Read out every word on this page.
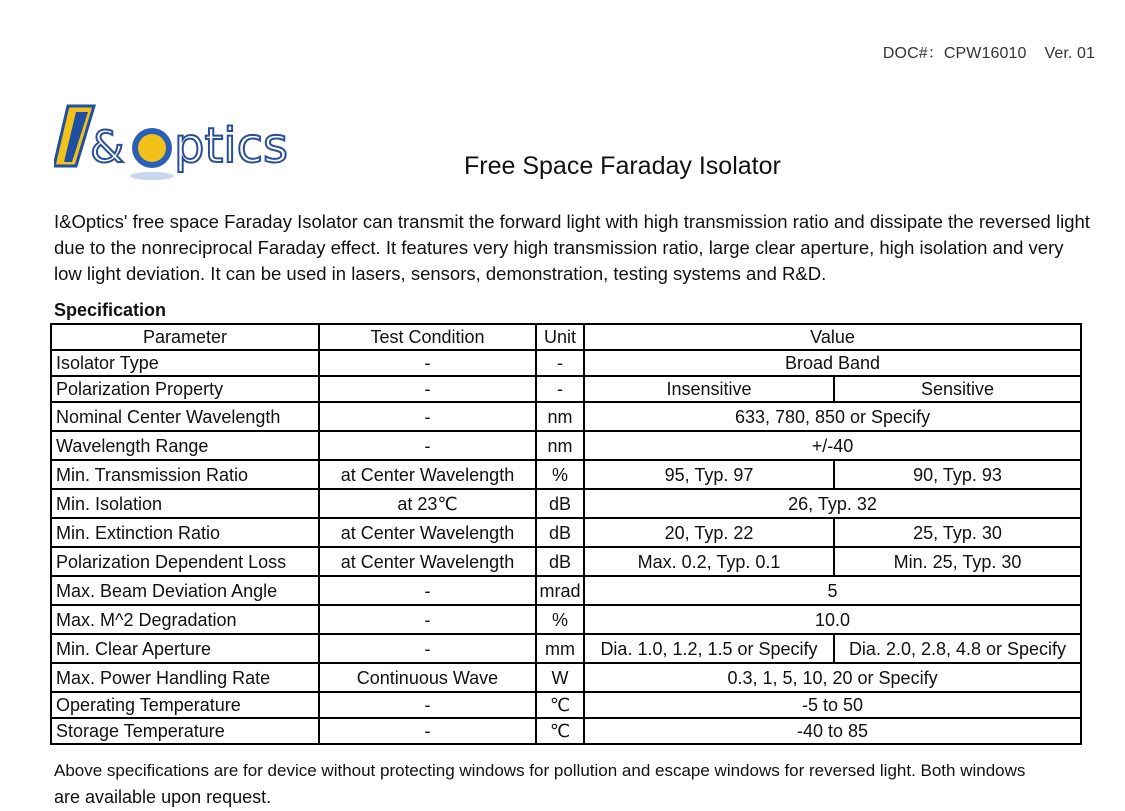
DOC#：CPW16010 Ver. 01
& ptics	Free Space Faraday Isolator
I&Optics' free space Faraday Isolator can transmit the forward light with high transmission ratio and dissipate the reversed light due to the nonreciprocal Faraday effect. It features very high transmission ratio, large clear aperture, high isolation and very low light deviation. It can be used in lasers, sensors, demonstration, testing systems and R&D.
Specification
Parameter	Test Condition	Unit	Value	
Isolator Type	-	-	Broad Band	
Polarization Property	-	-	Insensitive	Sensitive
Nominal Center Wavelength	-	nm	633, 780, 850 or Specify	
Wavelength Range	-	nm	+/-40	
Min. Transmission Ratio	at Center Wavelength	%	95, Typ. 97	90, Typ. 93
Min. Isolation	at 23℃	dB	26, Typ. 32	
Min. Extinction Ratio	at Center Wavelength	dB	20, Typ. 22	25, Typ. 30
Polarization Dependent Loss	at Center Wavelength	dB	Max. 0.2, Typ. 0.1	Min. 25, Typ. 30
Max. Beam Deviation Angle	-	mrad	5	
Max. M^2 Degradation	-	%	10.0	
Min. Clear Aperture	-	mm	Dia. 1.0, 1.2, 1.5 or Specify	Dia. 2.0, 2.8, 4.8 or Specify
Max. Power Handling Rate	Continuous Wave	W	0.3, 1, 5, 10, 20 or Specify	
Operating Temperature	-	℃	-5 to 50	
Storage Temperature	-	℃	-40 to 85	
Above specifications are for device without protecting windows for pollution and escape windows for reversed light. Both windows
are available upon request.
